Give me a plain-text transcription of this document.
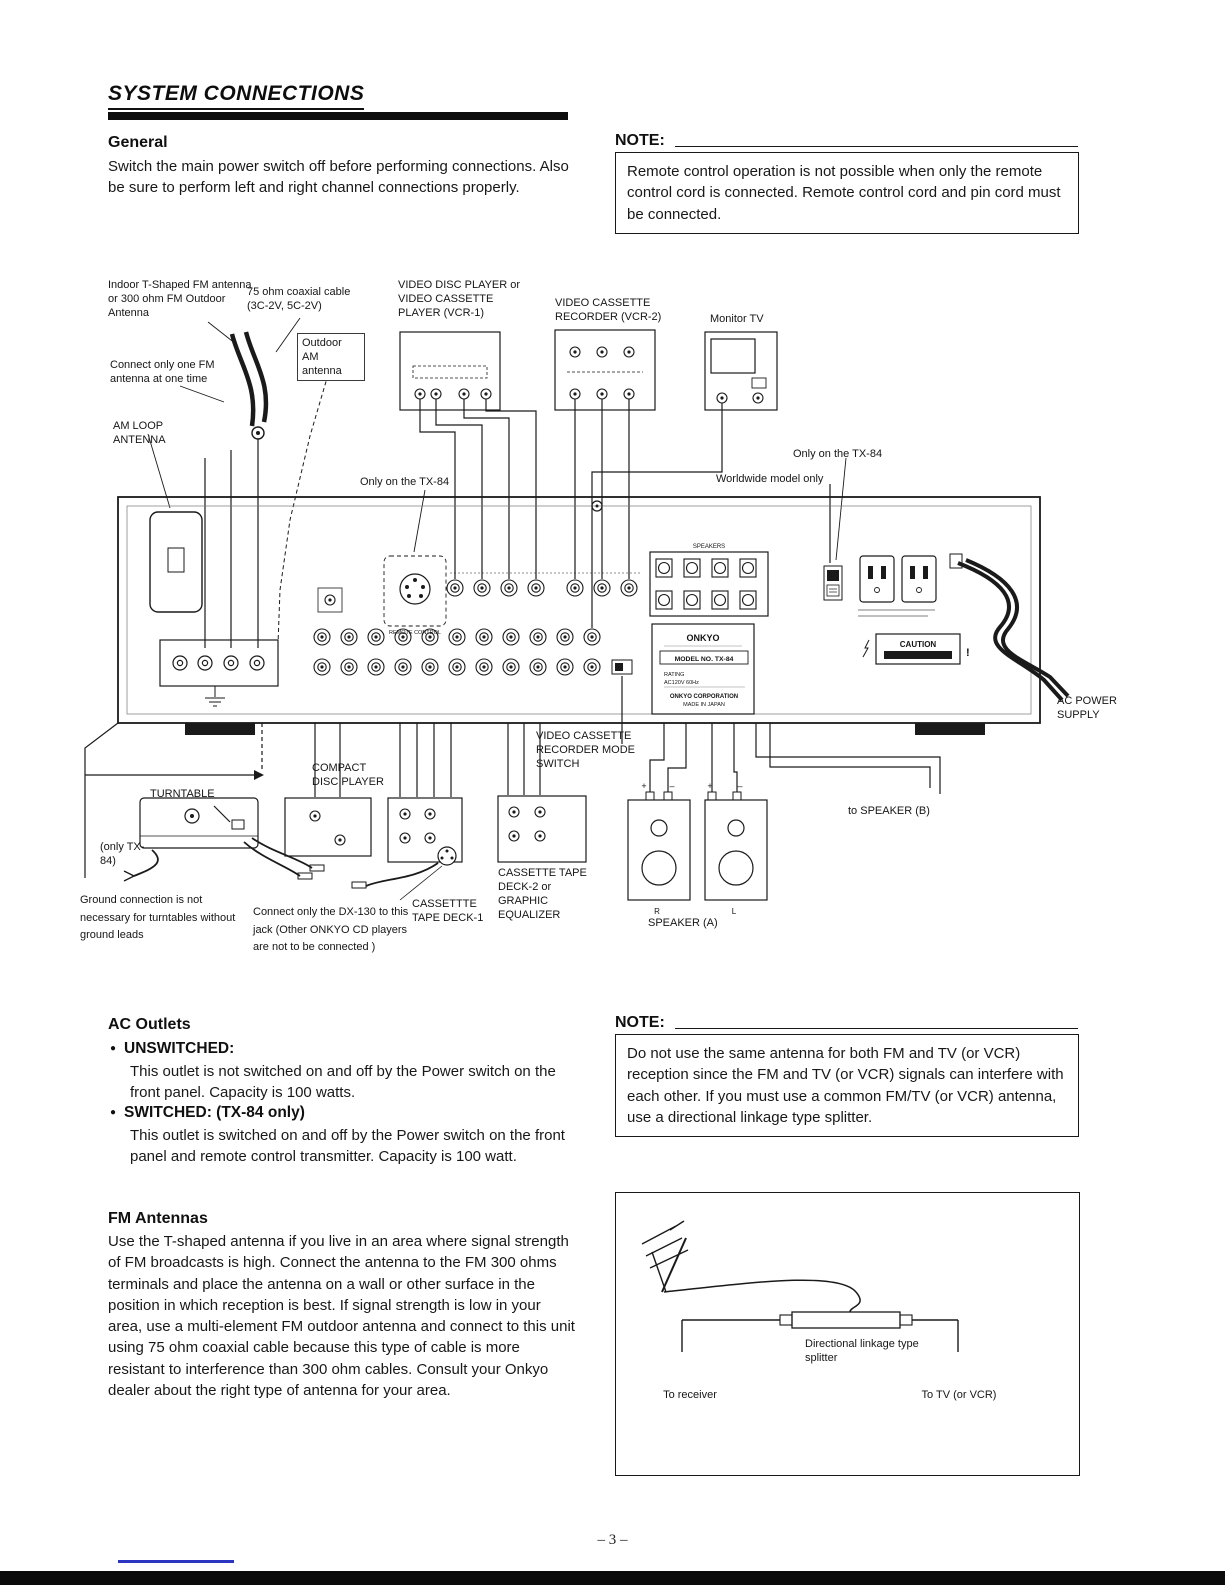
SYSTEM CONNECTIONS
General
Switch the main power switch off before performing connections. Also be sure to perform left and right channel connections properly.
NOTE:
Remote control operation is not possible when only the remote control cord is connected. Remote control cord and pin cord must be connected.
SPEAKERS
REMOTE CONTROL	ONKYO
MODEL NO. TX-84
RATING
AC120V 60Hz
ONKYO CORPORATION
MADE IN JAPAN
CAUTION
!
+	–	+	–
R	L
Indoor T-Shaped FM antenna or 300 ohm FM Outdoor Antenna
75 ohm coaxial cable (3C-2V, 5C-2V)
VIDEO DISC PLAYER or VIDEO CASSETTE PLAYER (VCR-1)
VIDEO CASSETTE RECORDER (VCR-2)	Monitor TV
Outdoor AM antenna
Connect only one FM antenna at one time
AM LOOP ANTENNA
Only on the TX-84	Worldwide model only
Only on the TX-84
AC POWER SUPPLY
VIDEO CASSETTE RECORDER MODE SWITCH
COMPACT DISC PLAYER
TURNTABLE
(only TX-84)
Ground connection is not necessary for turntables without ground leads
Connect only the DX-130 to this jack (Other ONKYO CD players are not to be connected )
CASSETTTE TAPE DECK-1
CASSETTE TAPE DECK-2 or GRAPHIC EQUALIZER
SPEAKER (A)
to SPEAKER (B)
AC Outlets
● UNSWITCHED:
This outlet is not switched on and off by the Power switch on the front panel. Capacity is 100 watts.
● SWITCHED: (TX-84 only)
This outlet is switched on and off by the Power switch on the front panel and remote control transmitter. Capacity is 100 watt.
FM Antennas
Use the T-shaped antenna if you live in an area where signal strength of FM broadcasts is high. Connect the antenna to the FM 300 ohms terminals and place the antenna on a wall or other surface in the position in which reception is best. If signal strength is low in your area, use a multi-element FM outdoor antenna and connect to this unit using 75 ohm coaxial cable because this type of cable is more resistant to interference than 300 ohm cables. Consult your Onkyo dealer about the right type of antenna for your area.
NOTE:
Do not use the same antenna for both FM and TV (or VCR) reception since the FM and TV (or VCR) signals can interfere with each other. If you must use a common FM/TV (or VCR) antenna, use a directional linkage type splitter.
Directional linkage type splitter
To receiver	To TV (or VCR)
– 3 –
